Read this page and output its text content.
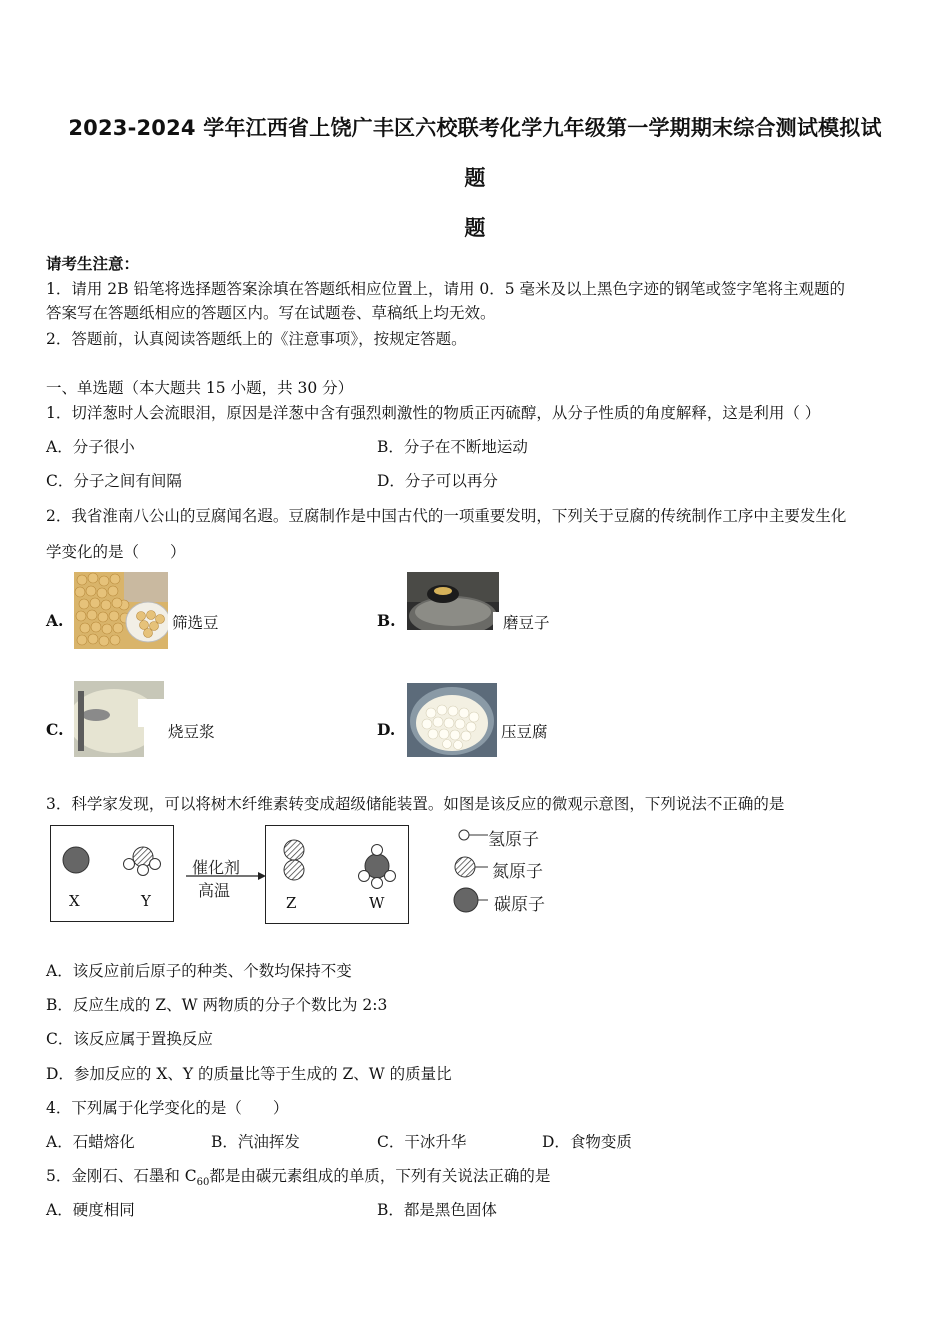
2023-2024 学年江西省上饶广丰区六校联考化学九年级第一学期期末综合测试模拟试
题
题
请考生注意：
1．请用 2B 铅笔将选择题答案涂填在答题纸相应位置上，请用 0．5 毫米及以上黑色字迹的钢笔或签字笔将主观题的
答案写在答题纸相应的答题区内。写在试题卷、草稿纸上均无效。
2．答题前，认真阅读答题纸上的《注意事项》，按规定答题。
一、单选题（本大题共 15 小题，共 30 分）
1．切洋葱时人会流眼泪，原因是洋葱中含有强烈刺激性的物质正丙硫醇，从分子性质的角度解释，这是利用（ ）
A．分子很小	B．分子在不断地运动
C．分子之间有间隔	D．分子可以再分
2．我省淮南八公山的豆腐闻名遐。豆腐制作是中国古代的一项重要发明，下列关于豆腐的传统制作工序中主要发生化
学变化的是（　　）
A.	筛选豆	B.	磨豆子
C.	烧豆浆	D.	压豆腐
3．科学家发现，可以将树木纤维素转变成超级储能装置。如图是该反应的微观示意图，下列说法不正确的是
X	Y
催化剂
高温
Z	W
氢原子
氮原子
碳原子
A．该反应前后原子的种类、个数均保持不变
B．反应生成的 Z、W 两物质的分子个数比为 2:3
C．该反应属于置换反应
D．参加反应的 X、Y 的质量比等于生成的 Z、W 的质量比
4．下列属于化学变化的是（　　）
A．石蜡熔化	B．汽油挥发	C．干冰升华	D．食物变质
5．金刚石、石墨和 $C_{60}$都是由碳元素组成的单质，下列有关说法正确的是
A．硬度相同	B．都是黑色固体
